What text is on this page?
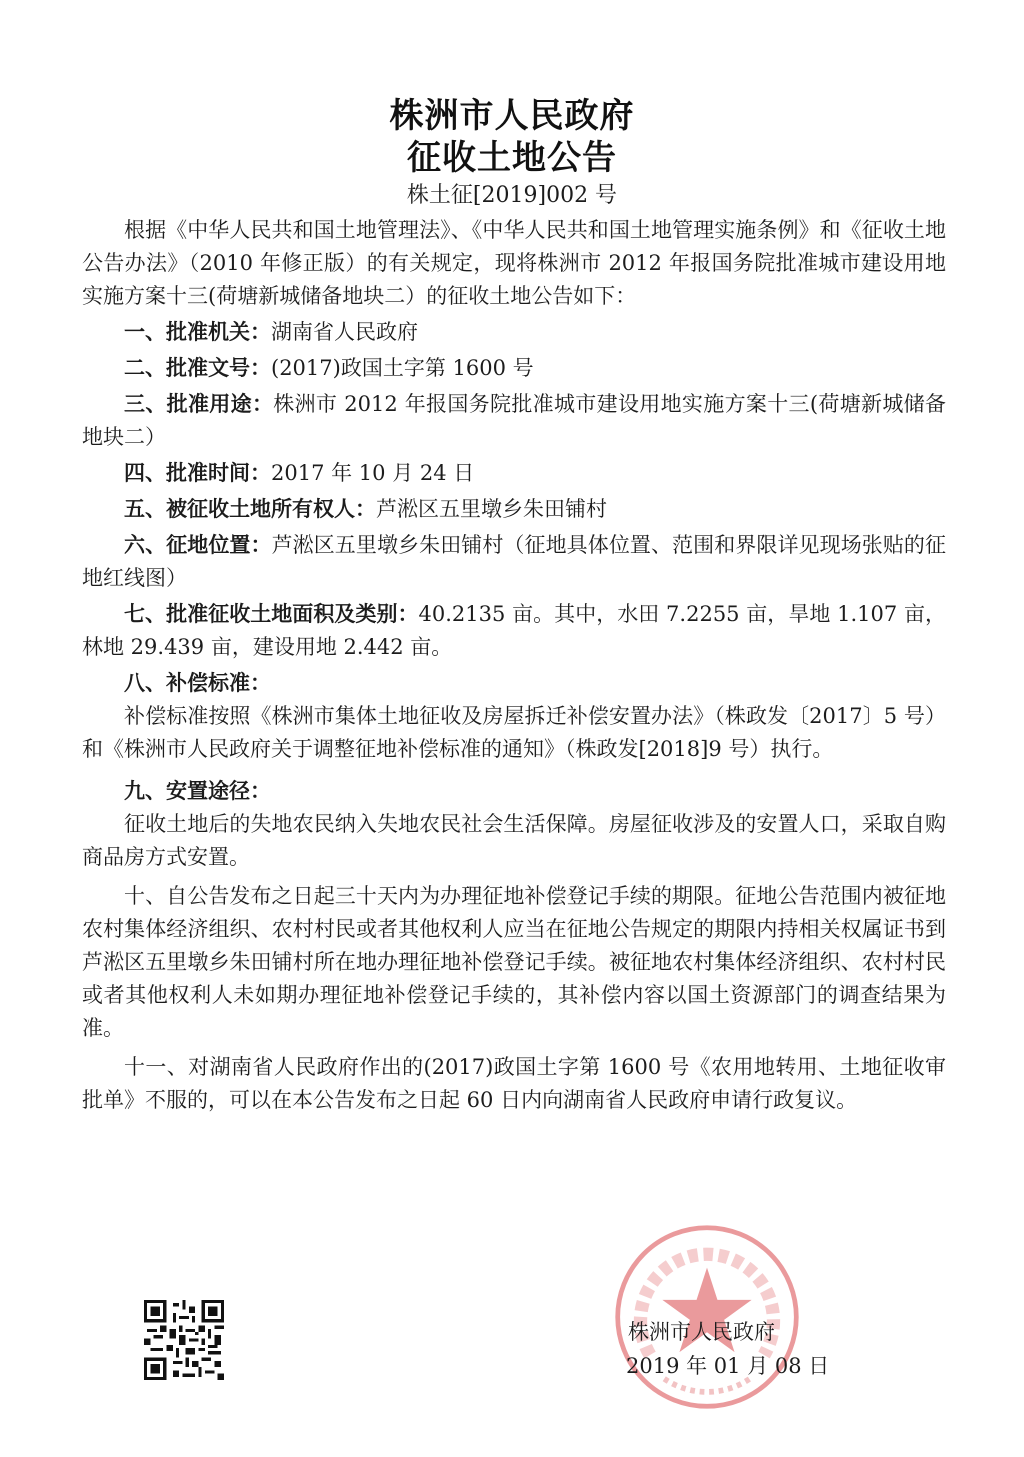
株洲市人民政府
征收土地公告
株土征[2019]002 号

根据《中华人民共和国土地管理法》、《中华人民共和国土地管理实施条例》和《征收土地公告办法》（2010 年修正版）的有关规定，现将株洲市 2012 年报国务院批准城市建设用地实施方案十三(荷塘新城储备地块二）的征收土地公告如下：

一、批准机关：湖南省人民政府

二、批准文号：(2017)政国土字第 1600 号

三、批准用途：株洲市 2012 年报国务院批准城市建设用地实施方案十三(荷塘新城储备地块二）

四、批准时间：2017 年 10 月 24 日

五、被征收土地所有权人：芦淞区五里墩乡朱田铺村

六、征地位置：芦淞区五里墩乡朱田铺村（征地具体位置、范围和界限详见现场张贴的征地红线图）

七、批准征收土地面积及类别：40.2135 亩。其中，水田 7.2255 亩，旱地 1.107 亩，林地 29.439 亩，建设用地 2.442 亩。

八、补偿标准：

补偿标准按照《株洲市集体土地征收及房屋拆迁补偿安置办法》（株政发〔2017〕5 号）和《株洲市人民政府关于调整征地补偿标准的通知》（株政发[2018]9 号）执行。

九、安置途径：

征收土地后的失地农民纳入失地农民社会生活保障。房屋征收涉及的安置人口，采取自购商品房方式安置。

十、自公告发布之日起三十天内为办理征地补偿登记手续的期限。征地公告范围内被征地农村集体经济组织、农村村民或者其他权利人应当在征地公告规定的期限内持相关权属证书到芦淞区五里墩乡朱田铺村所在地办理征地补偿登记手续。被征地农村集体经济组织、农村村民或者其他权利人未如期办理征地补偿登记手续的，其补偿内容以国土资源部门的调查结果为准。

十一、对湖南省人民政府作出的(2017)政国土字第 1600 号《农用地转用、土地征收审批单》不服的，可以在本公告发布之日起 60 日内向湖南省人民政府申请行政复议。

株洲市人民政府
2019 年 01 月 08 日
